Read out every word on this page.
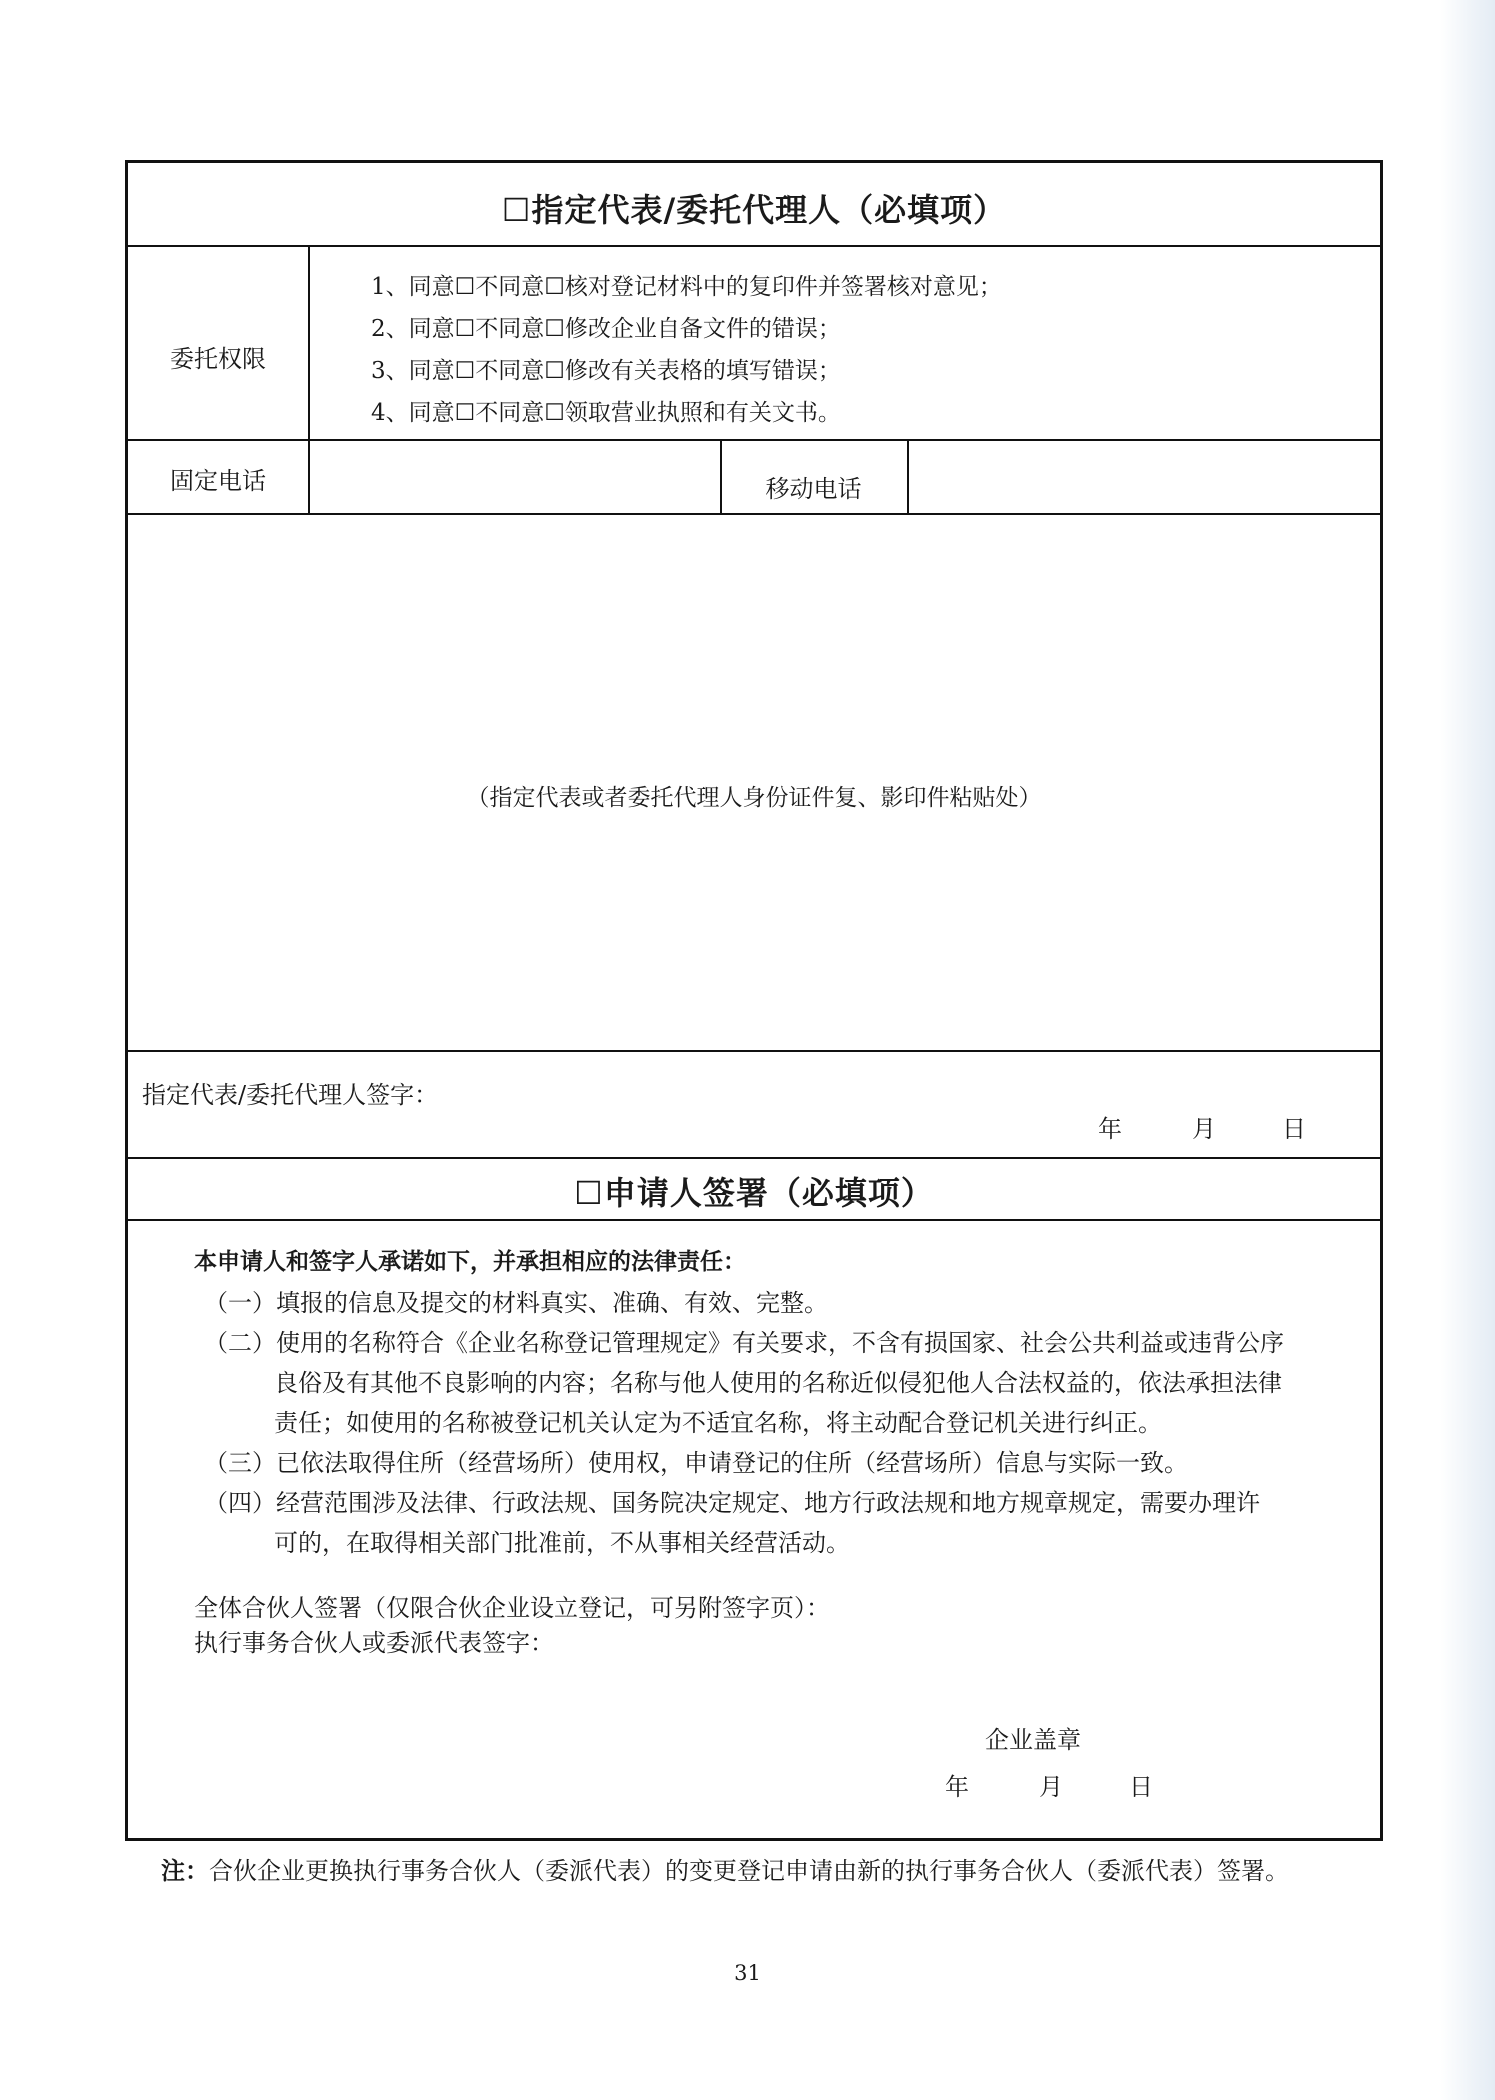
☐指定代表/委托代理人（必填项）
委托权限
1、同意☐不同意☐核对登记材料中的复印件并签署核对意见；
2、同意☐不同意☐修改企业自备文件的错误；
3、同意☐不同意☐修改有关表格的填写错误；
4、同意☐不同意☐领取营业执照和有关文书。
固定电话	移动电话
（指定代表或者委托代理人身份证件复、影印件粘贴处）
指定代表/委托代理人签字：
年	月	日
☐申请人签署（必填项）
本申请人和签字人承诺如下，并承担相应的法律责任：
（一）填报的信息及提交的材料真实、准确、有效、完整。
（二）使用的名称符合《企业名称登记管理规定》有关要求，不含有损国家、社会公共利益或违背公序
良俗及有其他不良影响的内容；名称与他人使用的名称近似侵犯他人合法权益的，依法承担法律
责任；如使用的名称被登记机关认定为不适宜名称，将主动配合登记机关进行纠正。
（三）已依法取得住所（经营场所）使用权，申请登记的住所（经营场所）信息与实际一致。
（四）经营范围涉及法律、行政法规、国务院决定规定、地方行政法规和地方规章规定，需要办理许
可的，在取得相关部门批准前，不从事相关经营活动。
全体合伙人签署（仅限合伙企业设立登记，可另附签字页）：
执行事务合伙人或委派代表签字：
企业盖章
年	月	日
注：合伙企业更换执行事务合伙人（委派代表）的变更登记申请由新的执行事务合伙人（委派代表）签署。
31
